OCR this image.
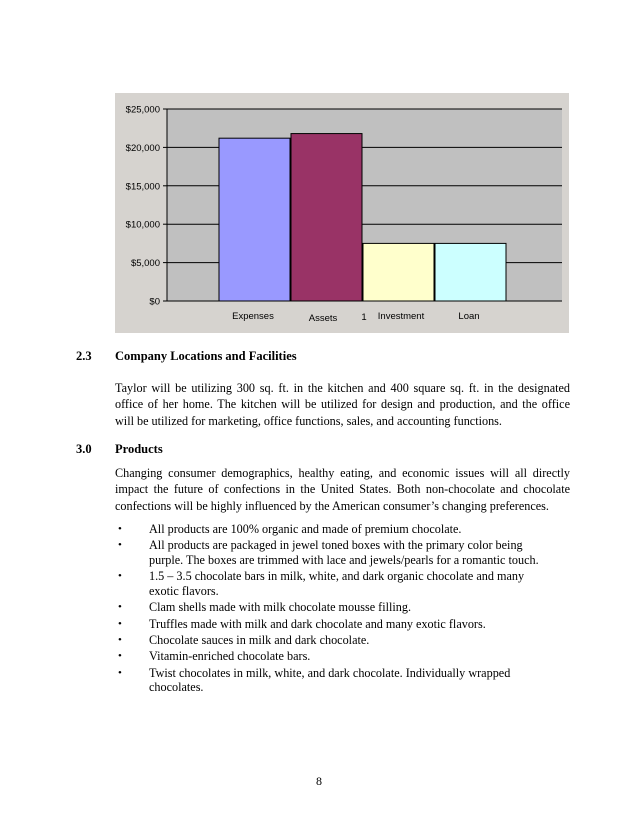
$0
$5,000
$10,000
$15,000
$20,000
$25,000
Expenses	Assets	Investment	Loan
1
2.3 Company Locations and Facilities
Taylor will be utilizing 300 sq. ft. in the kitchen and 400 square sq. ft. in the designated
office of her home. The kitchen will be utilized for design and production, and the office
will be utilized for marketing, office functions, sales, and accounting functions.
3.0 Products
Changing consumer demographics, healthy eating, and economic issues will all directly
impact the future of confections in the United States. Both non-chocolate and chocolate
confections will be highly influenced by the American consumer’s changing preferences.
• All products are 100% organic and made of premium chocolate.
• All products are packaged in jewel toned boxes with the primary color being
purple. The boxes are trimmed with lace and jewels/pearls for a romantic touch.
• 1.5 – 3.5 chocolate bars in milk, white, and dark organic chocolate and many
exotic flavors.
• Clam shells made with milk chocolate mousse filling.
• Truffles made with milk and dark chocolate and many exotic flavors.
• Chocolate sauces in milk and dark chocolate.
• Vitamin-enriched chocolate bars.
• Twist chocolates in milk, white, and dark chocolate. Individually wrapped
chocolates.
8
